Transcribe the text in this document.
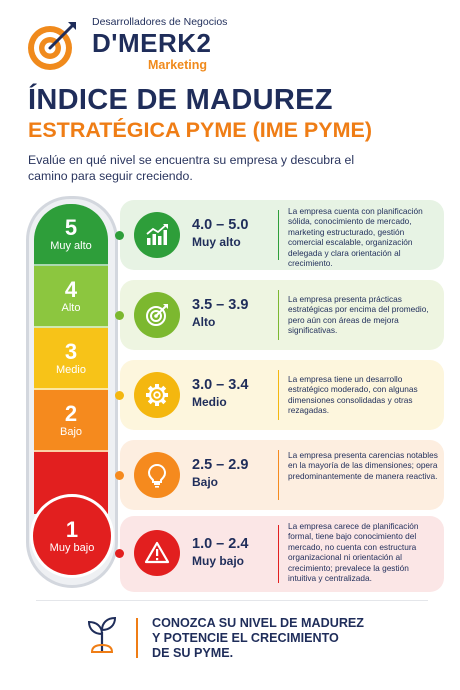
Desarrolladores de Negocios
D'MERK2
Marketing
ÍNDICE DE MADUREZ
ESTRATÉGICA PYME (IME PYME)
Evalúe en qué nivel se encuentra su empresa y descubra el camino para seguir creciendo.
5
Muy alto
4
Alto
3
Medio
2
Bajo
1
Muy bajo
4.0 – 5.0
Muy alto
La empresa cuenta con planificación sólida, conocimiento de mercado, marketing estructurado, gestión comercial escalable, organización delegada y clara orientación al crecimiento.
3.5 – 3.9
Alto
La empresa presenta prácticas estratégicas por encima del promedio, pero aún con áreas de mejora significativas.
3.0 – 3.4
Medio
La empresa tiene un desarrollo estratégico moderado, con algunas dimensiones consolidadas y otras rezagadas.
2.5 – 2.9
Bajo
La empresa presenta carencias notables en la mayoría de las dimensiones; opera predominantemente de manera reactiva.
1.0 – 2.4
Muy bajo
La empresa carece de planificación formal, tiene bajo conocimiento del mercado, no cuenta con estructura organizacional ni orientación al crecimiento; prevalece la gestión intuitiva y centralizada.
CONOZCA SU NIVEL DE MADUREZ
Y POTENCIE EL CRECIMIENTO
DE SU PYME.
